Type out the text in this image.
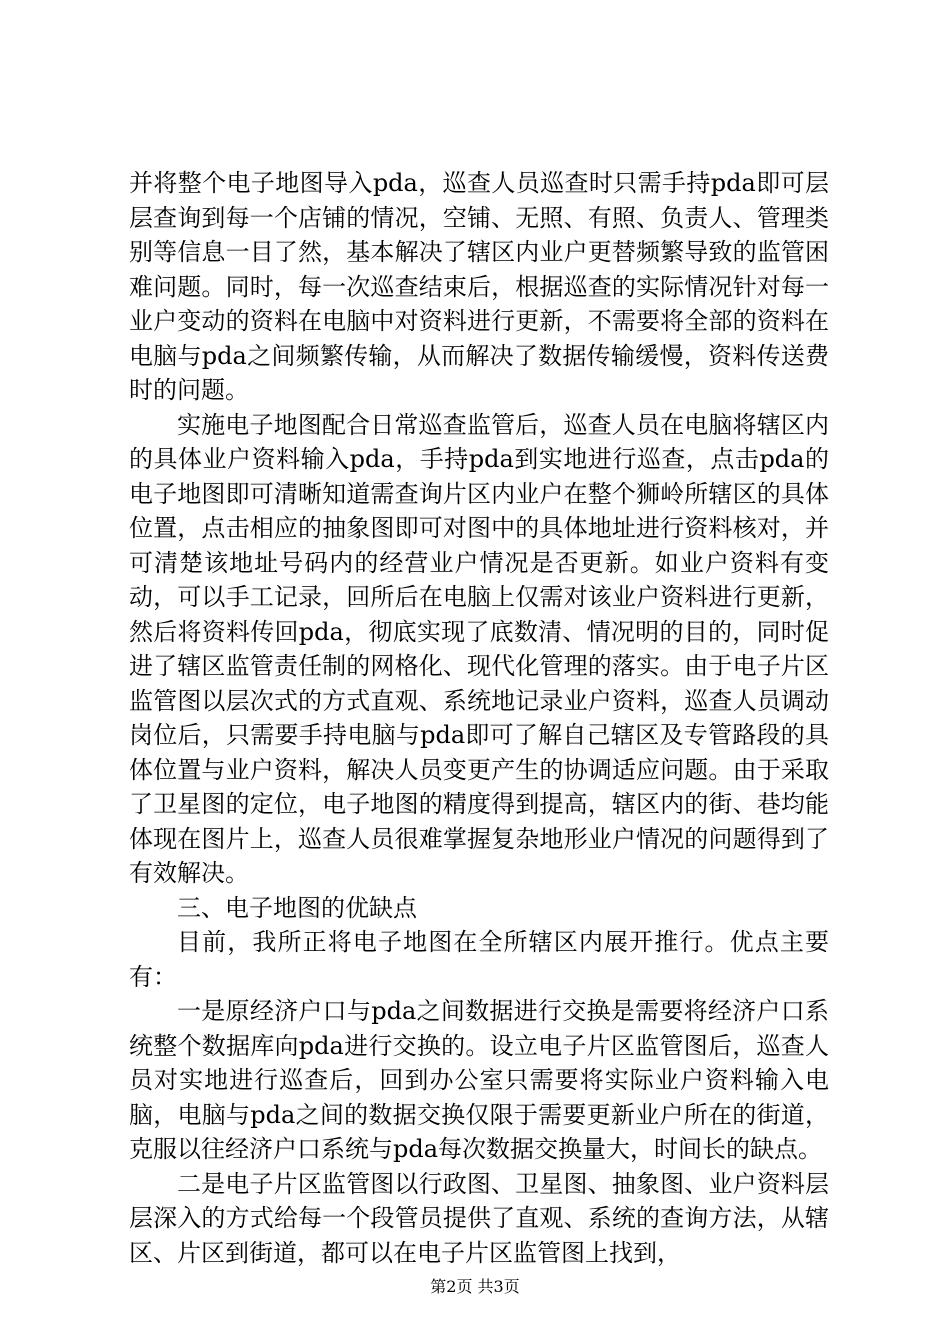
并将整个电子地图导入pda，巡查人员巡查时只需手持pda即可层层查询到每一个店铺的情况，空铺、无照、有照、负责人、管理类别等信息一目了然，基本解决了辖区内业户更替频繁导致的监管困难问题。同时，每一次巡查结束后，根据巡查的实际情况针对每一业户变动的资料在电脑中对资料进行更新，不需要将全部的资料在电脑与pda之间频繁传输，从而解决了数据传输缓慢，资料传送费时的问题。

实施电子地图配合日常巡查监管后，巡查人员在电脑将辖区内的具体业户资料输入pda，手持pda到实地进行巡查，点击pda的电子地图即可清晰知道需查询片区内业户在整个狮岭所辖区的具体位置，点击相应的抽象图即可对图中的具体地址进行资料核对，并可清楚该地址号码内的经营业户情况是否更新。如业户资料有变动，可以手工记录，回所后在电脑上仅需对该业户资料进行更新，然后将资料传回pda，彻底实现了底数清、情况明的目的，同时促进了辖区监管责任制的网格化、现代化管理的落实。由于电子片区监管图以层次式的方式直观、系统地记录业户资料，巡查人员调动岗位后，只需要手持电脑与pda即可了解自己辖区及专管路段的具体位置与业户资料，解决人员变更产生的协调适应问题。由于采取了卫星图的定位，电子地图的精度得到提高，辖区内的街、巷均能体现在图片上，巡查人员很难掌握复杂地形业户情况的问题得到了有效解决。

三、电子地图的优缺点

目前，我所正将电子地图在全所辖区内展开推行。优点主要有：

一是原经济户口与pda之间数据进行交换是需要将经济户口系统整个数据库向pda进行交换的。设立电子片区监管图后，巡查人员对实地进行巡查后，回到办公室只需要将实际业户资料输入电脑，电脑与pda之间的数据交换仅限于需要更新业户所在的街道，克服以往经济户口系统与pda每次数据交换量大，时间长的缺点。

二是电子片区监管图以行政图、卫星图、抽象图、业户资料层层深入的方式给每一个段管员提供了直观、系统的查询方法，从辖区、片区到街道，都可以在电子片区监管图上找到，

第2页 共3页
